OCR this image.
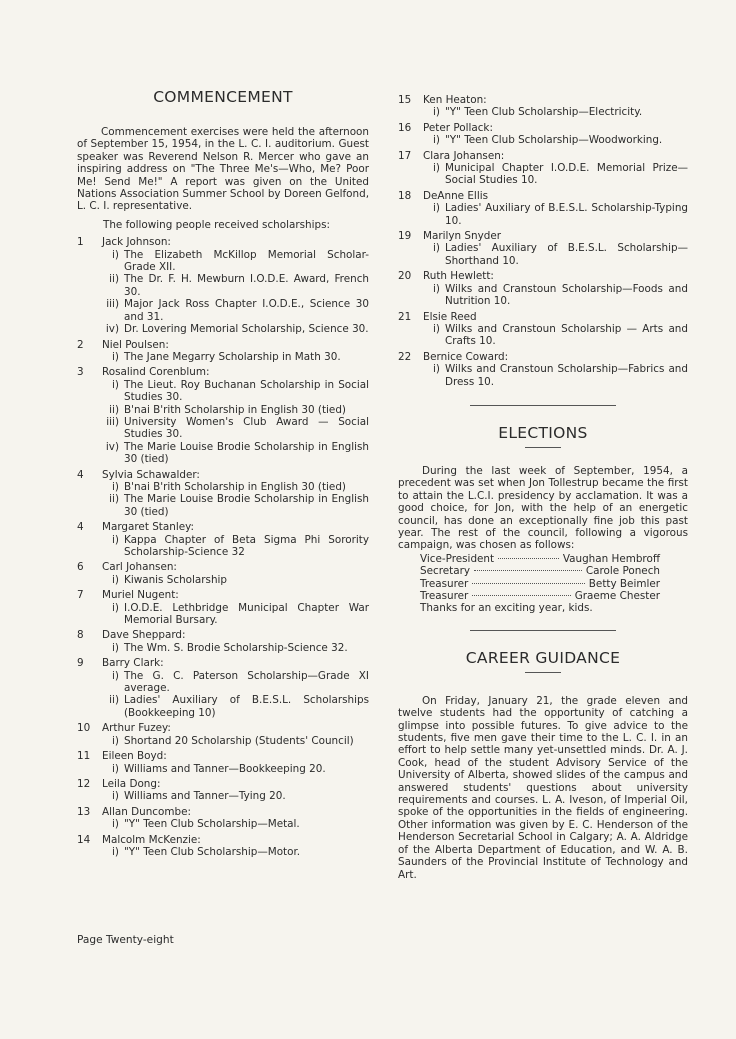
COMMENCEMENT

Commencement exercises were held the afternoon of September 15, 1954, in the L. C. I. auditorium. Guest speaker was Reverend Nelson R. Mercer who gave an inspiring address on "The Three Me's—Who, Me? Poor Me! Send Me!" A report was given on the United Nations Association Summer School by Doreen Gelfond, L. C. I. representative.

The following people received scholarships:
1	Jack Johnson:
i) The Elizabeth McKillop Memorial Scholar-Grade XII.
ii) The Dr. F. H. Mewburn I.O.D.E. Award, French 30.
iii) Major Jack Ross Chapter I.O.D.E., Science 30 and 31.
iv) Dr. Lovering Memorial Scholarship, Science 30.
2	Niel Poulsen:
i) The Jane Megarry Scholarship in Math 30.
3	Rosalind Corenblum:
i) The Lieut. Roy Buchanan Scholarship in Social Studies 30.
ii) B'nai B'rith Scholarship in English 30 (tied)
iii) University Women's Club Award — Social Studies 30.
iv) The Marie Louise Brodie Scholarship in English 30 (tied)
4	Sylvia Schawalder:
i) B'nai B'rith Scholarship in English 30 (tied)
ii) The Marie Louise Brodie Scholarship in English 30 (tied)
4	Margaret Stanley:
i) Kappa Chapter of Beta Sigma Phi Sorority Scholarship-Science 32
6	Carl Johansen:
i) Kiwanis Scholarship
7	Muriel Nugent:
i) I.O.D.E. Lethbridge Municipal Chapter War Memorial Bursary.
8	Dave Sheppard:
i) The Wm. S. Brodie Scholarship-Science 32.
9	Barry Clark:
i) The G. C. Paterson Scholarship—Grade XI average.
ii) Ladies' Auxiliary of B.E.S.L. Scholarships (Bookkeeping 10)
10	Arthur Fuzey:
i) Shortand 20 Scholarship (Students' Council)
11	Eileen Boyd:
i) Williams and Tanner—Bookkeeping 20.
12	Leila Dong:
i) Williams and Tanner—Tying 20.
13	Allan Duncombe:
i) "Y" Teen Club Scholarship—Metal.
14	Malcolm McKenzie:
i) "Y" Teen Club Scholarship—Motor.
15	Ken Heaton:
i) "Y" Teen Club Scholarship—Electricity.
16	Peter Pollack:
i) "Y" Teen Club Scholarship—Woodworking.
17	Clara Johansen:
i) Municipal Chapter I.O.D.E. Memorial Prize—Social Studies 10.
18	DeAnne Ellis
i) Ladies' Auxiliary of B.E.S.L. Scholarship-Typing 10.
19	Marilyn Snyder
i) Ladies' Auxiliary of B.E.S.L. Scholarship—Shorthand 10.
20	Ruth Hewlett:
i) Wilks and Cranstoun Scholarship—Foods and Nutrition 10.
21	Elsie Reed
i) Wilks and Cranstoun Scholarship — Arts and Crafts 10.
22	Bernice Coward:
i) Wilks and Cranstoun Scholarship—Fabrics and Dress 10.
ELECTIONS

During the last week of September, 1954, a precedent was set when Jon Tollestrup became the first to attain the L.C.I. presidency by acclamation. It was a good choice, for Jon, with the help of an energetic council, has done an exceptionally fine job this past year. The rest of the council, following a vigorous campaign, was chosen as follows:

Vice-President	Vaughan Hembroff
Secretary	Carole Ponech
Treasurer	Betty Beimler
Treasurer	Graeme Chester
Thanks for an exciting year, kids.
CAREER GUIDANCE

On Friday, January 21, the grade eleven and twelve students had the opportunity of catching a glimpse into possible futures. To give advice to the students, five men gave their time to the L. C. I. in an effort to help settle many yet-unsettled minds. Dr. A. J. Cook, head of the student Advisory Service of the University of Alberta, showed slides of the campus and answered students' questions about university requirements and courses. L. A. Iveson, of Imperial Oil, spoke of the opportunities in the fields of engineering. Other information was given by E. C. Henderson of the Henderson Secretarial School in Calgary; A. A. Aldridge of the Alberta Department of Education, and W. A. B. Saunders of the Provincial Institute of Technology and Art.

Page Twenty-eight
